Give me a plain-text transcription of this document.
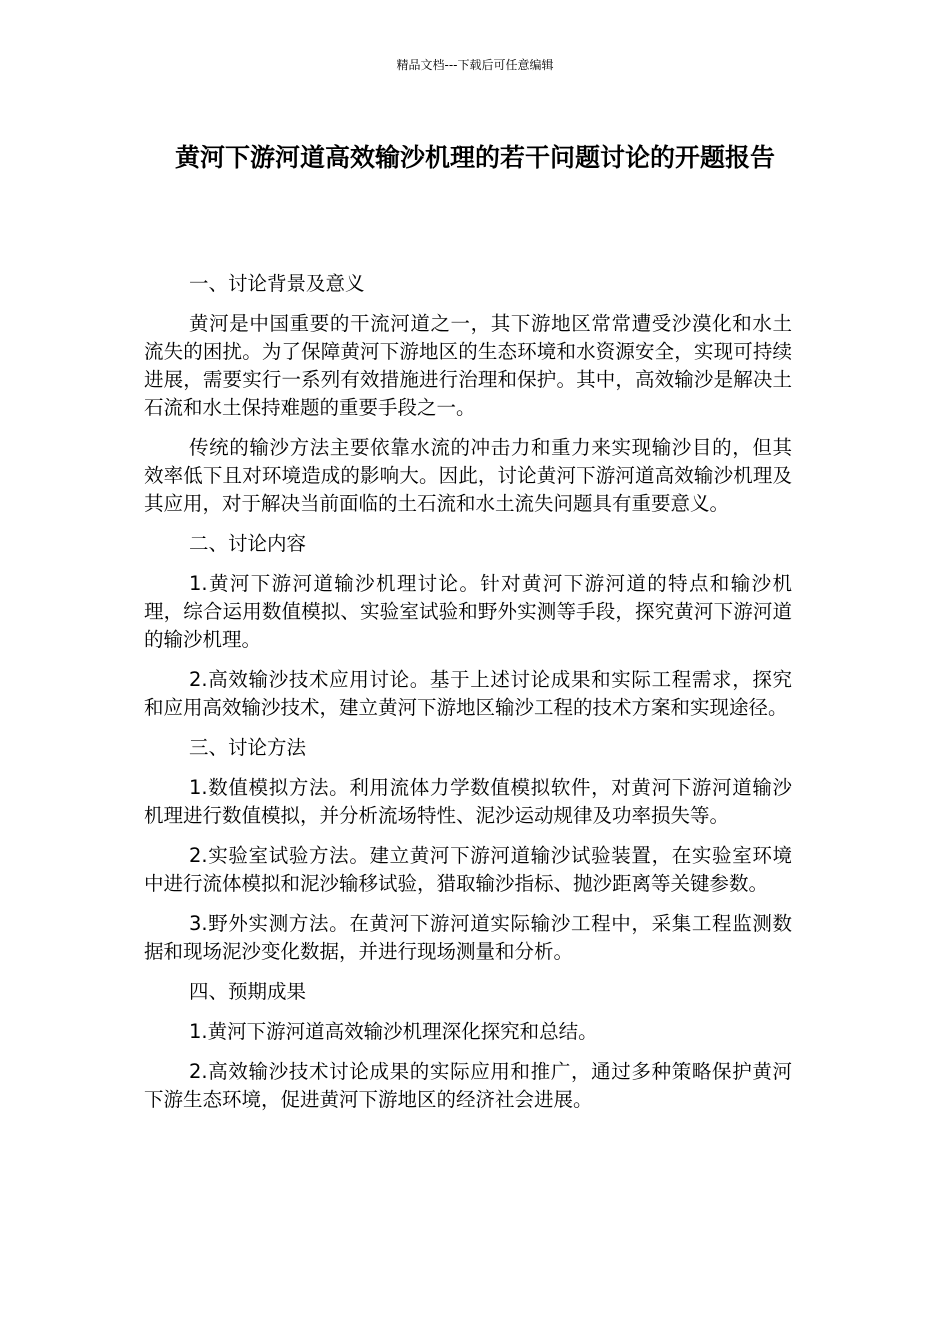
精品文档---下载后可任意编辑
黄河下游河道高效输沙机理的若干问题讨论的开题报告

一、讨论背景及意义

黄河是中国重要的干流河道之一，其下游地区常常遭受沙漠化和水土流失的困扰。为了保障黄河下游地区的生态环境和水资源安全，实现可持续进展，需要实行一系列有效措施进行治理和保护。其中，高效输沙是解决土石流和水土保持难题的重要手段之一。

传统的输沙方法主要依靠水流的冲击力和重力来实现输沙目的，但其效率低下且对环境造成的影响大。因此，讨论黄河下游河道高效输沙机理及其应用，对于解决当前面临的土石流和水土流失问题具有重要意义。

二、讨论内容

1.黄河下游河道输沙机理讨论。针对黄河下游河道的特点和输沙机理，综合运用数值模拟、实验室试验和野外实测等手段，探究黄河下游河道的输沙机理。

2.高效输沙技术应用讨论。基于上述讨论成果和实际工程需求，探究和应用高效输沙技术，建立黄河下游地区输沙工程的技术方案和实现途径。

三、讨论方法

1.数值模拟方法。利用流体力学数值模拟软件，对黄河下游河道输沙机理进行数值模拟，并分析流场特性、泥沙运动规律及功率损失等。

2.实验室试验方法。建立黄河下游河道输沙试验装置，在实验室环境中进行流体模拟和泥沙输移试验，猎取输沙指标、抛沙距离等关键参数。

3.野外实测方法。在黄河下游河道实际输沙工程中，采集工程监测数据和现场泥沙变化数据，并进行现场测量和分析。

四、预期成果

1.黄河下游河道高效输沙机理深化探究和总结。

2.高效输沙技术讨论成果的实际应用和推广，通过多种策略保护黄河下游生态环境，促进黄河下游地区的经济社会进展。
